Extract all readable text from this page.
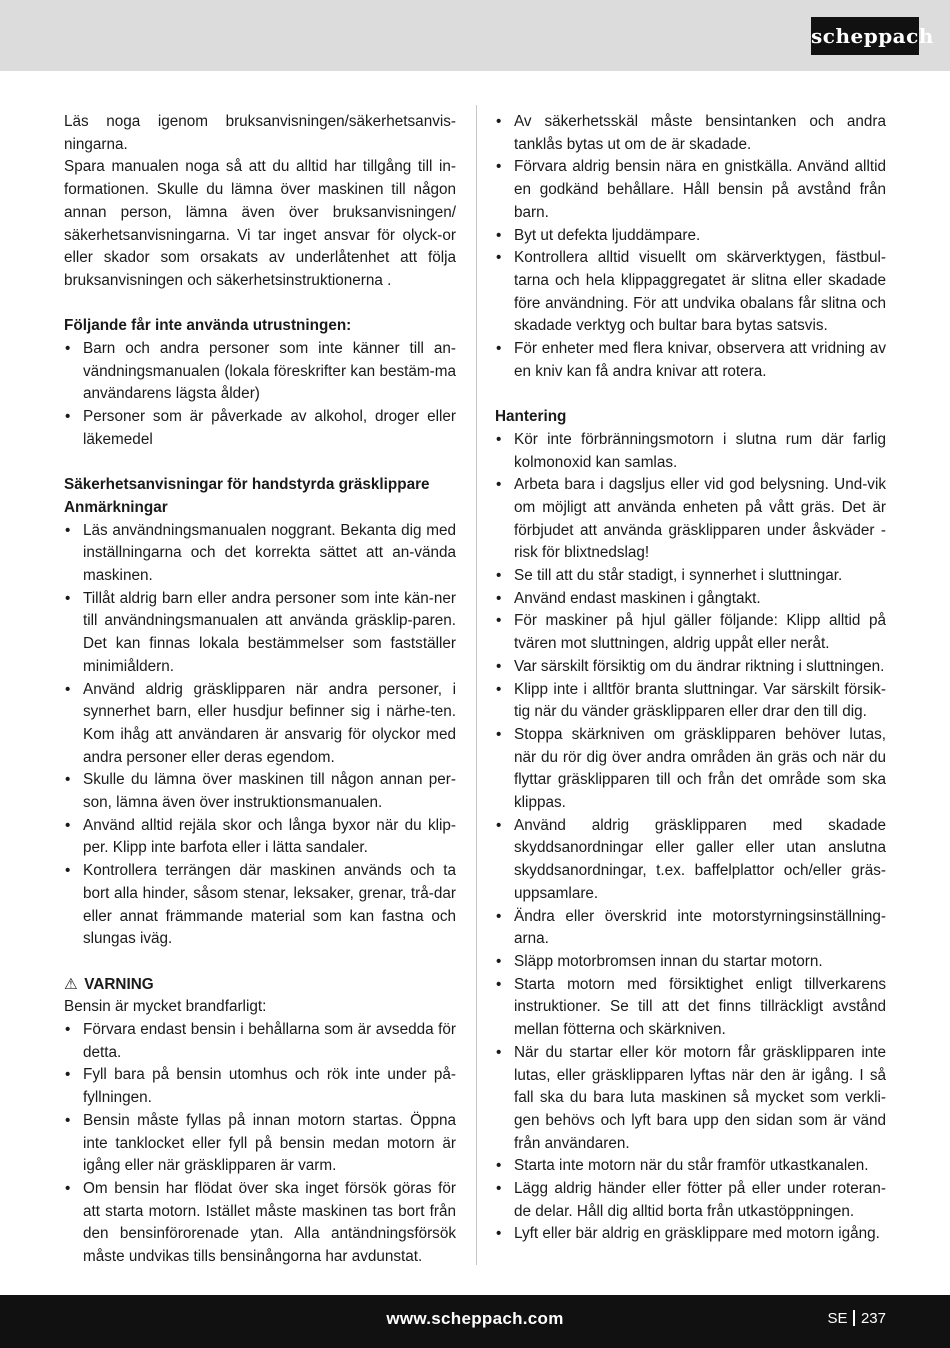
scheppach

Läs noga igenom bruksanvisningen/säkerhetsanvis-ningarna.

Spara manualen noga så att du alltid har tillgång till in-formationen. Skulle du lämna över maskinen till någon annan person, lämna även över bruksanvisningen/ säkerhetsanvisningarna. Vi tar inget ansvar för olyck-or eller skador som orsakats av underlåtenhet att följa bruksanvisningen och säkerhetsinstruktionerna .

Följande får inte använda utrustningen:

• Barn och andra personer som inte känner till an-vändningsmanualen (lokala föreskrifter kan bestäm-ma användarens lägsta ålder)
• Personer som är påverkade av alkohol, droger eller läkemedel

Säkerhetsanvisningar för handstyrda gräsklippare

Anmärkningar

• Läs användningsmanualen noggrant. Bekanta dig med inställningarna och det korrekta sättet att an-vända maskinen.
• Tillåt aldrig barn eller andra personer som inte kän-ner till användningsmanualen att använda gräsklip-paren. Det kan finnas lokala bestämmelser som fastställer minimiåldern.
• Använd aldrig gräsklipparen när andra personer, i synnerhet barn, eller husdjur befinner sig i närhe-ten. Kom ihåg att användaren är ansvarig för olyckor med andra personer eller deras egendom.
• Skulle du lämna över maskinen till någon annan per-son, lämna även över instruktionsmanualen.
• Använd alltid rejäla skor och långa byxor när du klip-per. Klipp inte barfota eller i lätta sandaler.
• Kontrollera terrängen där maskinen används och ta bort alla hinder, såsom stenar, leksaker, grenar, trå-dar eller annat främmande material som kan fastna och slungas iväg.

⚠ VARNING

Bensin är mycket brandfarligt:

• Förvara endast bensin i behållarna som är avsedda för detta.
• Fyll bara på bensin utomhus och rök inte under på-fyllningen.
• Bensin måste fyllas på innan motorn startas. Öppna inte tanklocket eller fyll på bensin medan motorn är igång eller när gräsklipparen är varm.
• Om bensin har flödat över ska inget försök göras för att starta motorn. Istället måste maskinen tas bort från den bensinförorenade ytan. Alla antändningsförsök måste undvikas tills bensinångorna har avdunstat.
• Av säkerhetsskäl måste bensintanken och andra tanklås bytas ut om de är skadade.
• Förvara aldrig bensin nära en gnistkälla. Använd alltid en godkänd behållare. Håll bensin på avstånd från barn.
• Byt ut defekta ljuddämpare.
• Kontrollera alltid visuellt om skärverktygen, fästbul-tarna och hela klippaggregatet är slitna eller skadade före användning. För att undvika obalans får slitna och skadade verktyg och bultar bara bytas satsvis.
• För enheter med flera knivar, observera att vridning av en kniv kan få andra knivar att rotera.

Hantering

• Kör inte förbränningsmotorn i slutna rum där farlig kolmonoxid kan samlas.
• Arbeta bara i dagsljus eller vid god belysning. Und-vik om möjligt att använda enheten på vått gräs. Det är förbjudet att använda gräsklipparen under åskväder - risk för blixtnedslag!
• Se till att du står stadigt, i synnerhet i sluttningar.
• Använd endast maskinen i gångtakt.
• För maskiner på hjul gäller följande: Klipp alltid på tvären mot sluttningen, aldrig uppåt eller neråt.
• Var särskilt försiktig om du ändrar riktning i sluttningen.
• Klipp inte i alltför branta sluttningar. Var särskilt försik-tig när du vänder gräsklipparen eller drar den till dig.
• Stoppa skärkniven om gräsklipparen behöver lutas, när du rör dig över andra områden än gräs och när du flyttar gräsklipparen till och från det område som ska klippas.
• Använd aldrig gräsklipparen med skadade skyddsanordningar eller galler eller utan anslutna skyddsanordningar, t.ex. baffelplattor och/eller gräs-uppsamlare.
• Ändra eller överskrid inte motorstyrningsinställning-arna.
• Släpp motorbromsen innan du startar motorn.
• Starta motorn med försiktighet enligt tillverkarens instruktioner. Se till att det finns tillräckligt avstånd mellan fötterna och skärkniven.
• När du startar eller kör motorn får gräsklipparen inte lutas, eller gräsklipparen lyftas när den är igång. I så fall ska du bara luta maskinen så mycket som verkli-gen behövs och lyft bara upp den sidan som är vänd från användaren.
• Starta inte motorn när du står framför utkastkanalen.
• Lägg aldrig händer eller fötter på eller under roteran-de delar. Håll dig alltid borta från utkastöppningen.
• Lyft eller bär aldrig en gräsklippare med motorn igång.
www.scheppach.com	SE 237
